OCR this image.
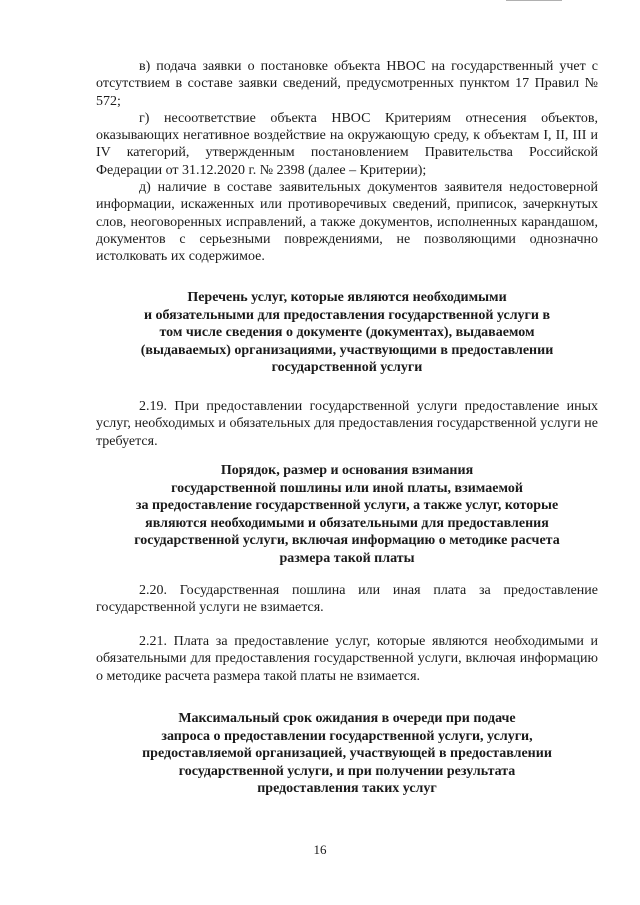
в) подача заявки о постановке объекта НВОС на государственный учет с отсутствием в составе заявки сведений, предусмотренных пунктом 17 Правил № 572;

г) несоответствие объекта НВОС Критериям отнесения объектов, оказывающих негативное воздействие на окружающую среду, к объектам I, II, III и IV категорий, утвержденным постановлением Правительства Российской Федерации от 31.12.2020 г. № 2398 (далее – Критерии);

д) наличие в составе заявительных документов заявителя недостоверной информации, искаженных или противоречивых сведений, приписок, зачеркнутых слов, неоговоренных исправлений, а также документов, исполненных карандашом, документов с серьезными повреждениями, не позволяющими однозначно истолковать их содержимое.

Перечень услуг, которые являются необходимыми
и обязательными для предоставления государственной услуги в
том числе сведения о документе (документах), выдаваемом
(выдаваемых) организациями, участвующими в предоставлении
государственной услуги

2.19. При предоставлении государственной услуги предоставление иных услуг, необходимых и обязательных для предоставления государственной услуги не требуется.

Порядок, размер и основания взимания
государственной пошлины или иной платы, взимаемой
за предоставление государственной услуги, а также услуг, которые
являются необходимыми и обязательными для предоставления
государственной услуги, включая информацию о методике расчета
размера такой платы

2.20. Государственная пошлина или иная плата за предоставление государственной услуги не взимается.

2.21. Плата за предоставление услуг, которые являются необходимыми и обязательными для предоставления государственной услуги, включая информацию о методике расчета размера такой платы не взимается.

Максимальный срок ожидания в очереди при подаче
запроса о предоставлении государственной услуги, услуги,
предоставляемой организацией, участвующей в предоставлении
государственной услуги, и при получении результата
предоставления таких услуг
16
